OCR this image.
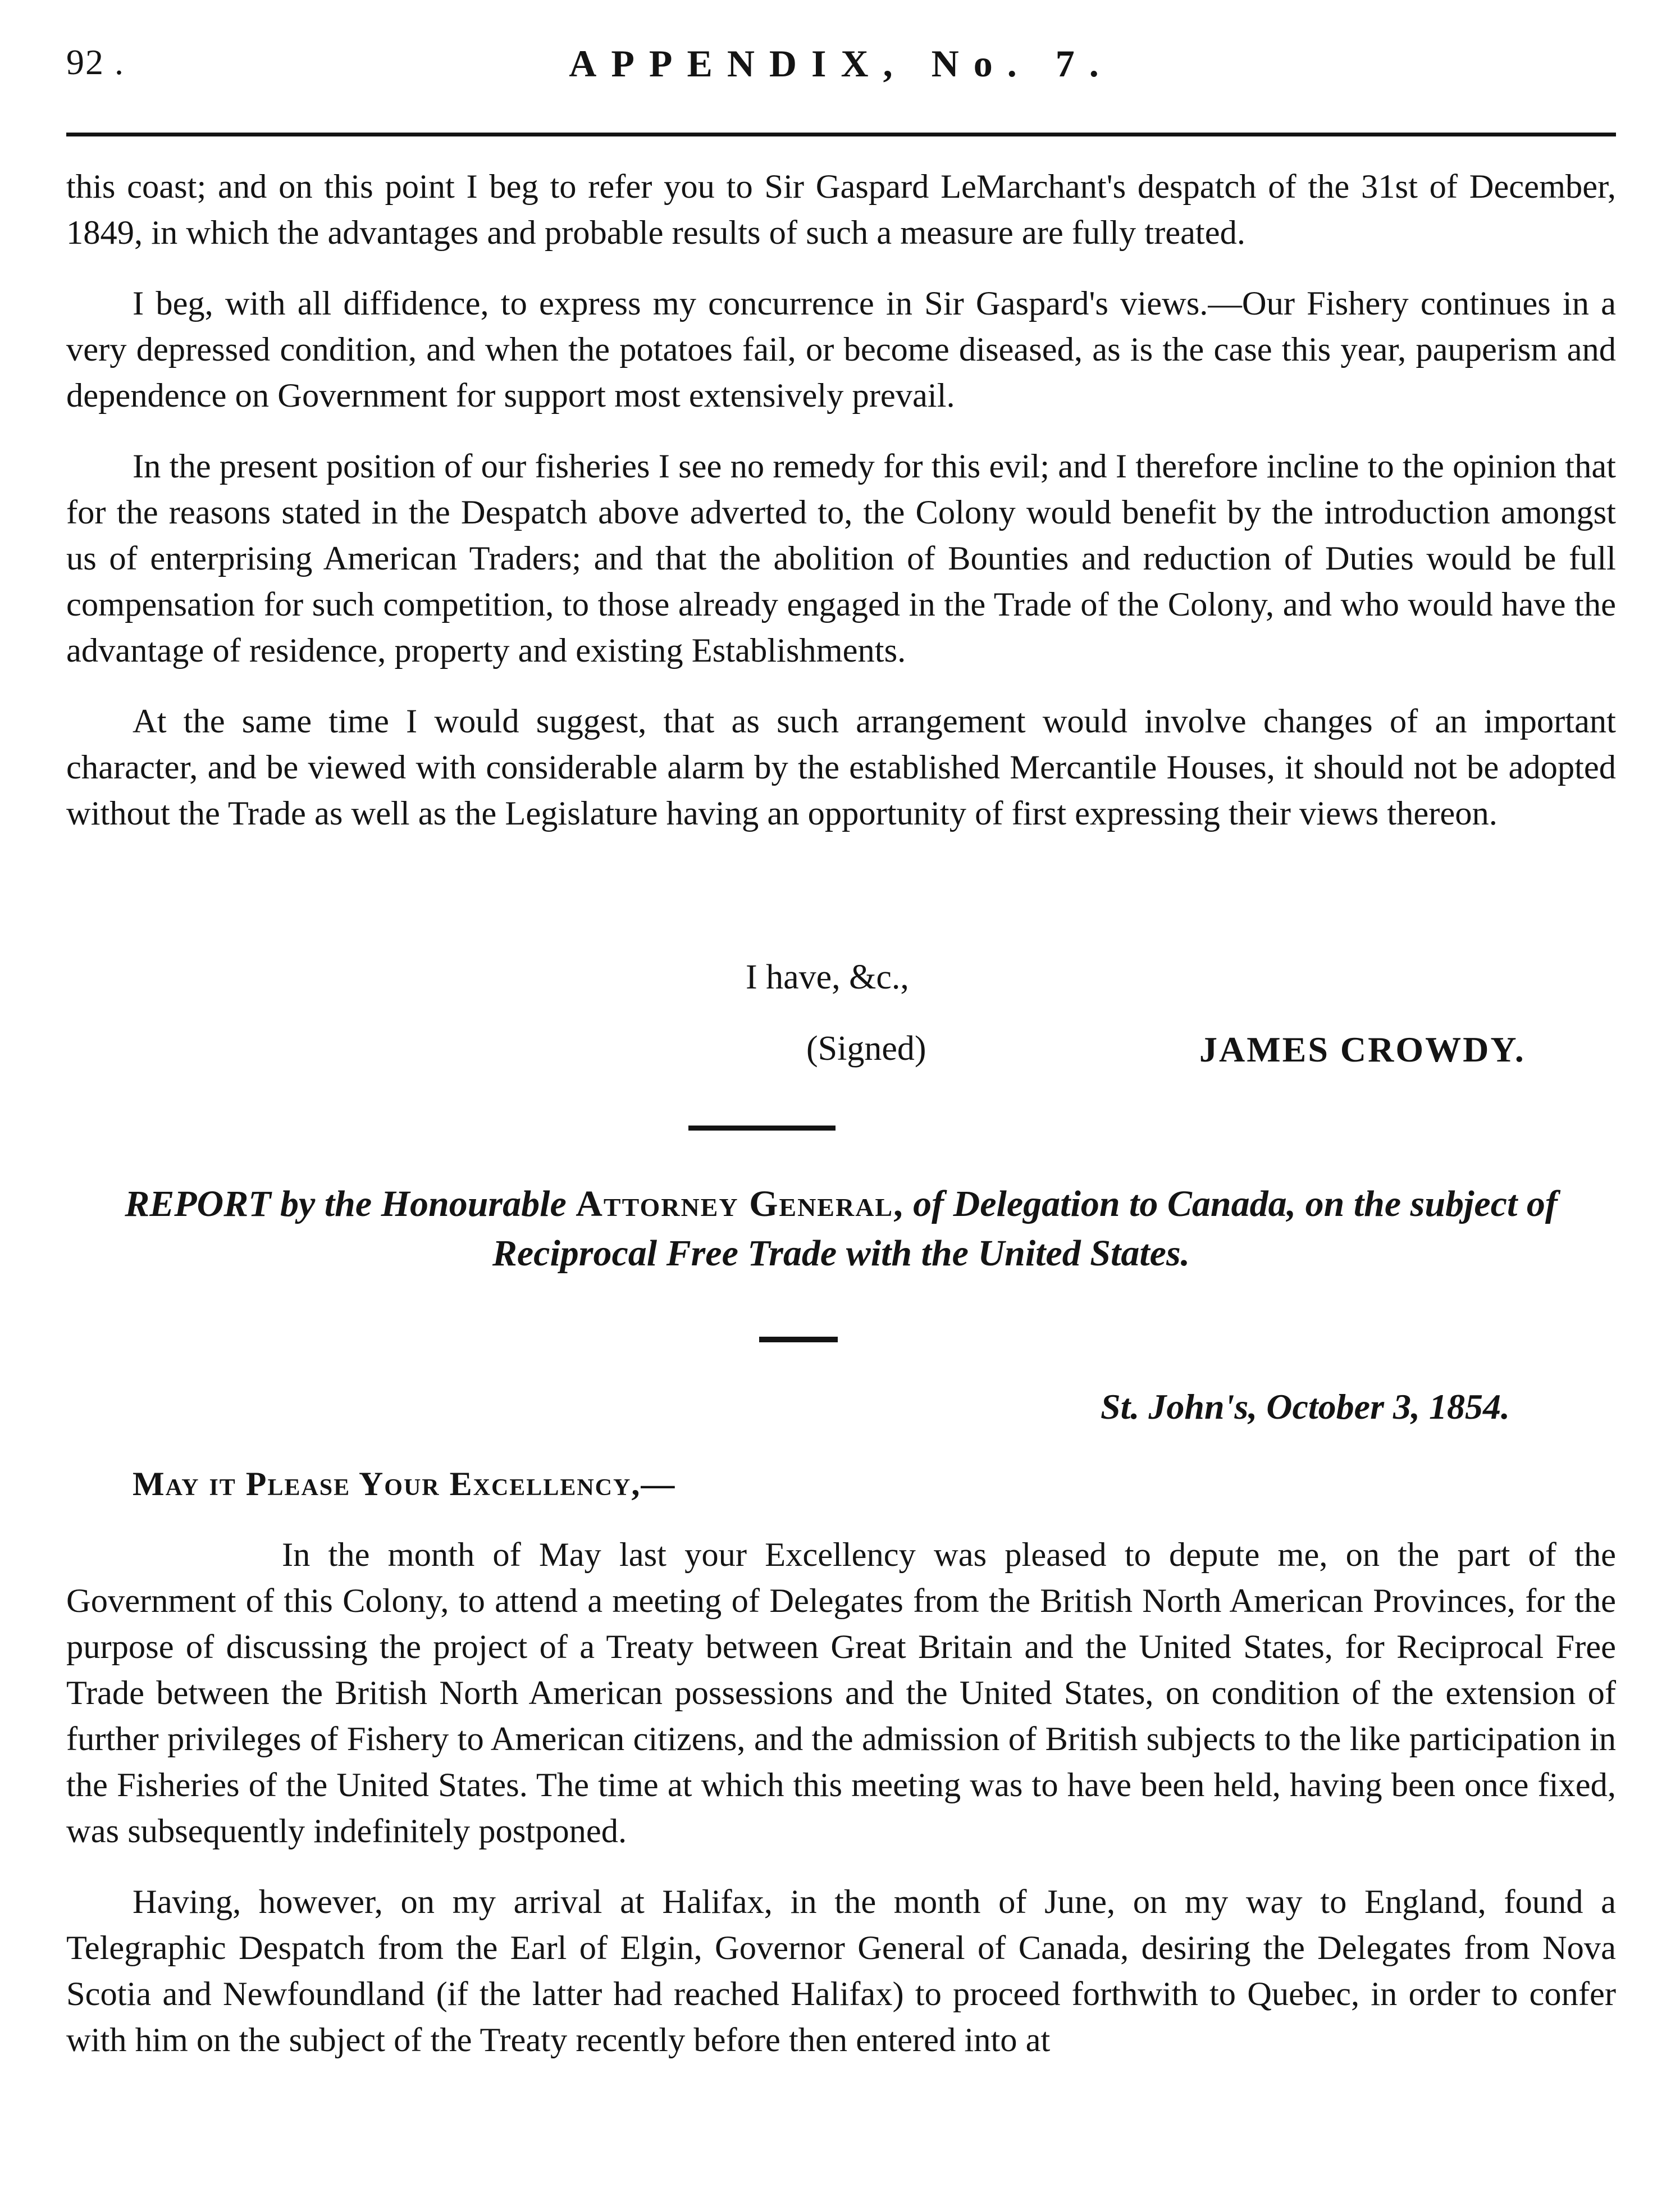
92 .	APPENDIX, No. 7.

this coast; and on this point I beg to refer you to Sir Gaspard LeMarchant's despatch of the 31st of December, 1849, in which the advantages and probable results of such a measure are fully treated.

I beg, with all diffidence, to express my concurrence in Sir Gaspard's views.—Our Fishery continues in a very depressed condition, and when the potatoes fail, or become diseased, as is the case this year, pauperism and dependence on Government for support most extensively prevail.

In the present position of our fisheries I see no remedy for this evil; and I therefore incline to the opinion that for the reasons stated in the Despatch above adverted to, the Colony would benefit by the introduction amongst us of enterprising American Traders; and that the abolition of Bounties and reduction of Duties would be full compensation for such competition, to those already engaged in the Trade of the Colony, and who would have the advantage of residence, property and existing Establishments.

At the same time I would suggest, that as such arrangement would involve changes of an important character, and be viewed with considerable alarm by the established Mercantile Houses, it should not be adopted without the Trade as well as the Legislature having an opportunity of first expressing their views thereon.

I have, &c.,
(Signed)	JAMES CROWDY.
REPORT by the Honourable Attorney General, of Delegation to Canada, on the subject of Reciprocal Free Trade with the United States.
St. John's, October 3, 1854.
May it Please Your Excellency,—

In the month of May last your Excellency was pleased to depute me, on the part of the Government of this Colony, to attend a meeting of Delegates from the British North American Provinces, for the purpose of discussing the project of a Treaty between Great Britain and the United States, for Reciprocal Free Trade between the British North American possessions and the United States, on condition of the extension of further privileges of Fishery to American citizens, and the admission of British subjects to the like participation in the Fisheries of the United States. The time at which this meeting was to have been held, having been once fixed, was subsequently indefinitely postponed.

Having, however, on my arrival at Halifax, in the month of June, on my way to England, found a Telegraphic Despatch from the Earl of Elgin, Governor General of Canada, desiring the Delegates from Nova Scotia and Newfoundland (if the latter had reached Halifax) to proceed forthwith to Quebec, in order to confer with him on the subject of the Treaty recently before then entered into at
